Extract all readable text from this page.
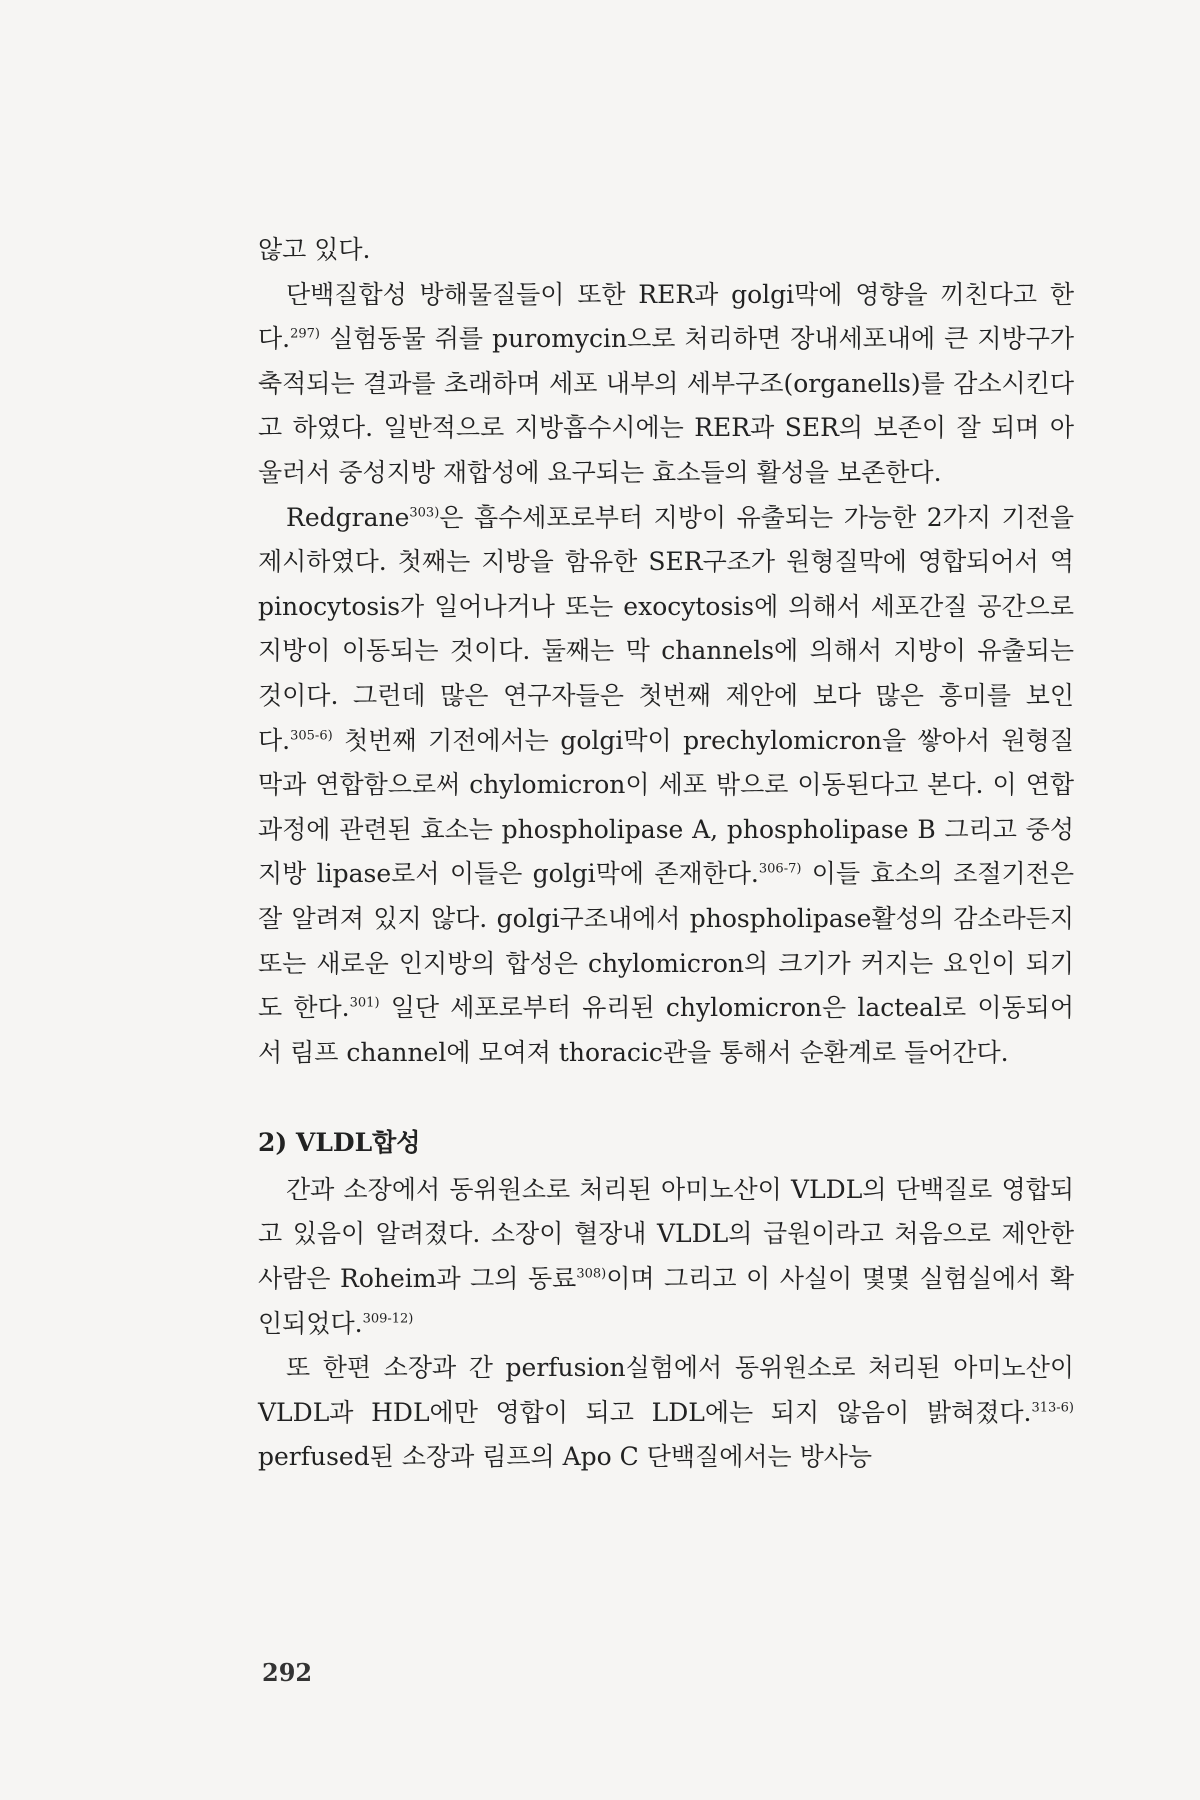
않고 있다.

단백질합성 방해물질들이 또한 RER과 golgi막에 영향을 끼친다고 한다.$^{297)}$ 실험동물 쥐를 puromycin으로 처리하면 장내세포내에 큰 지방구가 축적되는 결과를 초래하며 세포 내부의 세부구조(organells)를 감소시킨다고 하였다. 일반적으로 지방흡수시에는 RER과 SER의 보존이 잘 되며 아울러서 중성지방 재합성에 요구되는 효소들의 활성을 보존한다.

Redgrane$^{303)}$은 흡수세포로부터 지방이 유출되는 가능한 2가지 기전을 제시하였다. 첫째는 지방을 함유한 SER구조가 원형질막에 영합되어서 역 pinocytosis가 일어나거나 또는 exocytosis에 의해서 세포간질 공간으로 지방이 이동되는 것이다. 둘째는 막 channels에 의해서 지방이 유출되는 것이다. 그런데 많은 연구자들은 첫번째 제안에 보다 많은 흥미를 보인다.$^{305-6)}$ 첫번째 기전에서는 golgi막이 prechylomicron을 쌓아서 원형질막과 연합함으로써 chylomicron이 세포 밖으로 이동된다고 본다. 이 연합과정에 관련된 효소는 phospholipase A, phospholipase B 그리고 중성지방 lipase로서 이들은 golgi막에 존재한다.$^{306-7)}$ 이들 효소의 조절기전은 잘 알려져 있지 않다. golgi구조내에서 phospholipase활성의 감소라든지 또는 새로운 인지방의 합성은 chylomicron의 크기가 커지는 요인이 되기도 한다.$^{301)}$ 일단 세포로부터 유리된 chylomicron은 lacteal로 이동되어서 림프 channel에 모여져 thoracic관을 통해서 순환계로 들어간다.

2) VLDL합성

간과 소장에서 동위원소로 처리된 아미노산이 VLDL의 단백질로 영합되고 있음이 알려졌다. 소장이 혈장내 VLDL의 급원이라고 처음으로 제안한 사람은 Roheim과 그의 동료$^{308)}$이며 그리고 이 사실이 몇몇 실험실에서 확인되었다.$^{309-12)}$

또 한편 소장과 간 perfusion실험에서 동위원소로 처리된 아미노산이 VLDL과 HDL에만 영합이 되고 LDL에는 되지 않음이 밝혀졌다.$^{313-6)}$ perfused된 소장과 림프의 Apo C 단백질에서는 방사능

292
